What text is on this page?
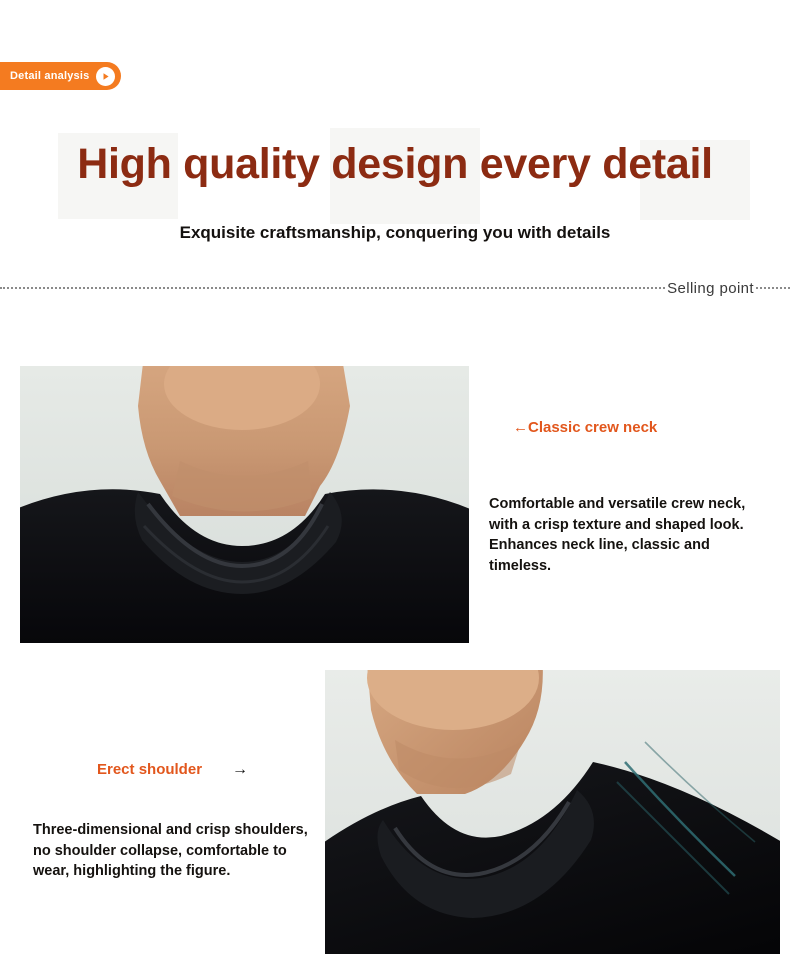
Detail analysis
High quality design every detail
Exquisite craftsmanship, conquering you with details
Selling point
←Classic crew neck
Comfortable and versatile crew neck, with a crisp texture and shaped look. Enhances neck line, classic and timeless.
Erect shoulder →
Three-dimensional and crisp shoulders, no shoulder collapse, comfortable to wear, highlighting the figure.
